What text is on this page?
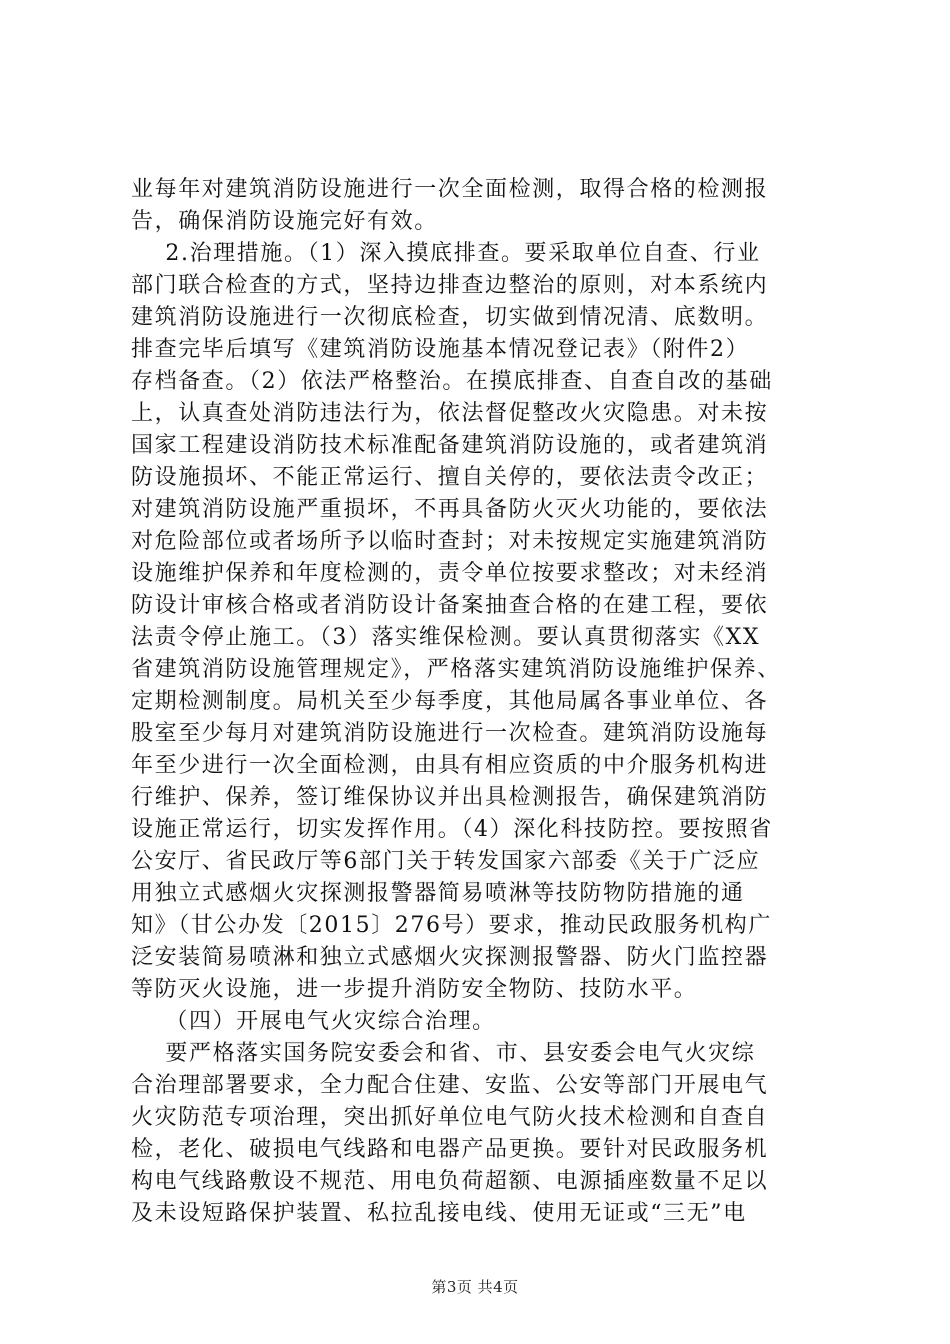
业每年对建筑消防设施进行一次全面检测，取得合格的检测报
告，确保消防设施完好有效。
2.治理措施。（1）深入摸底排查。要采取单位自查、行业
部门联合检查的方式，坚持边排查边整治的原则，对本系统内
建筑消防设施进行一次彻底检查，切实做到情况清、底数明。
排查完毕后填写《建筑消防设施基本情况登记表》（附件2）
存档备查。（2）依法严格整治。在摸底排查、自查自改的基础
上，认真查处消防违法行为，依法督促整改火灾隐患。对未按
国家工程建设消防技术标准配备建筑消防设施的，或者建筑消
防设施损坏、不能正常运行、擅自关停的，要依法责令改正；
对建筑消防设施严重损坏，不再具备防火灭火功能的，要依法
对危险部位或者场所予以临时查封；对未按规定实施建筑消防
设施维护保养和年度检测的，责令单位按要求整改；对未经消
防设计审核合格或者消防设计备案抽查合格的在建工程，要依
法责令停止施工。（3）落实维保检测。要认真贯彻落实《XX
省建筑消防设施管理规定》，严格落实建筑消防设施维护保养、
定期检测制度。局机关至少每季度，其他局属各事业单位、各
股室至少每月对建筑消防设施进行一次检查。建筑消防设施每
年至少进行一次全面检测，由具有相应资质的中介服务机构进
行维护、保养，签订维保协议并出具检测报告，确保建筑消防
设施正常运行，切实发挥作用。（4）深化科技防控。要按照省
公安厅、省民政厅等6部门关于转发国家六部委《关于广泛应
用独立式感烟火灾探测报警器简易喷淋等技防物防措施的通
知》（甘公办发〔2015〕276号）要求，推动民政服务机构广
泛安装简易喷淋和独立式感烟火灾探测报警器、防火门监控器
等防灭火设施，进一步提升消防安全物防、技防水平。
（四）开展电气火灾综合治理。
要严格落实国务院安委会和省、市、县安委会电气火灾综
合治理部署要求，全力配合住建、安监、公安等部门开展电气
火灾防范专项治理，突出抓好单位电气防火技术检测和自查自
检，老化、破损电气线路和电器产品更换。要针对民政服务机
构电气线路敷设不规范、用电负荷超额、电源插座数量不足以
及未设短路保护装置、私拉乱接电线、使用无证或“三无”电
第3页 共4页
